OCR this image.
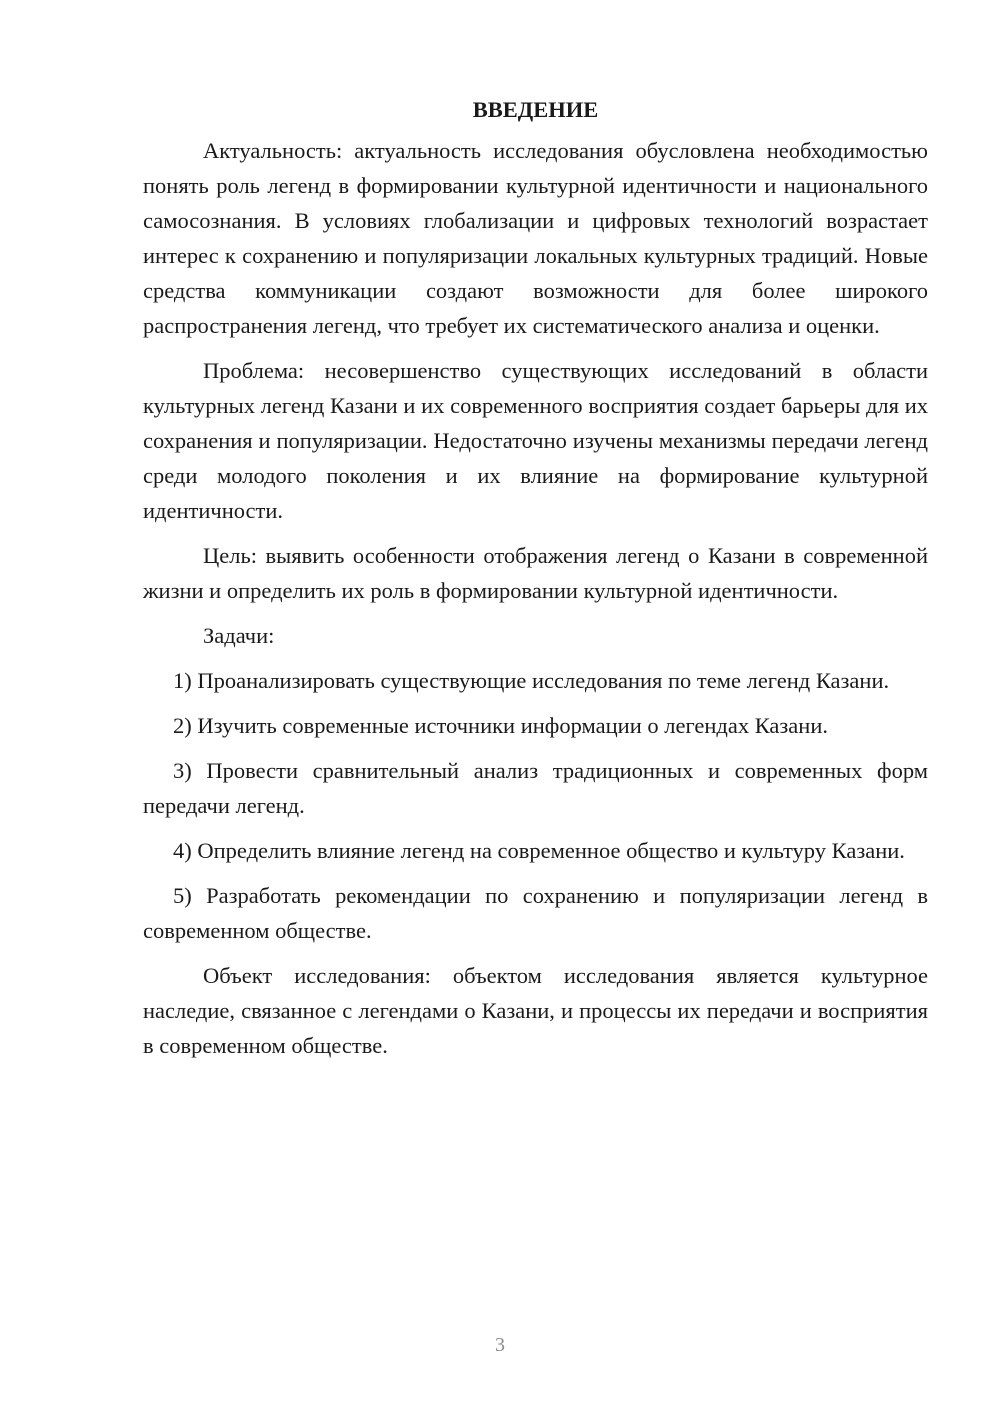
ВВЕДЕНИЕ

Актуальность: актуальность исследования обусловлена необходимостью понять роль легенд в формировании культурной идентичности и национального самосознания. В условиях глобализации и цифровых технологий возрастает интерес к сохранению и популяризации локальных культурных традиций. Новые средства коммуникации создают возможности для более широкого распространения легенд, что требует их систематического анализа и оценки.

Проблема: несовершенство существующих исследований в области культурных легенд Казани и их современного восприятия создает барьеры для их сохранения и популяризации. Недостаточно изучены механизмы передачи легенд среди молодого поколения и их влияние на формирование культурной идентичности.

Цель: выявить особенности отображения легенд о Казани в современной жизни и определить их роль в формировании культурной идентичности.

Задачи:

1) Проанализировать существующие исследования по теме легенд Казани.

2) Изучить современные источники информации о легендах Казани.

3) Провести сравнительный анализ традиционных и современных форм передачи легенд.

4) Определить влияние легенд на современное общество и культуру Казани.

5) Разработать рекомендации по сохранению и популяризации легенд в современном обществе.

Объект исследования: объектом исследования является культурное наследие, связанное с легендами о Казани, и процессы их передачи и восприятия в современном обществе.

3
